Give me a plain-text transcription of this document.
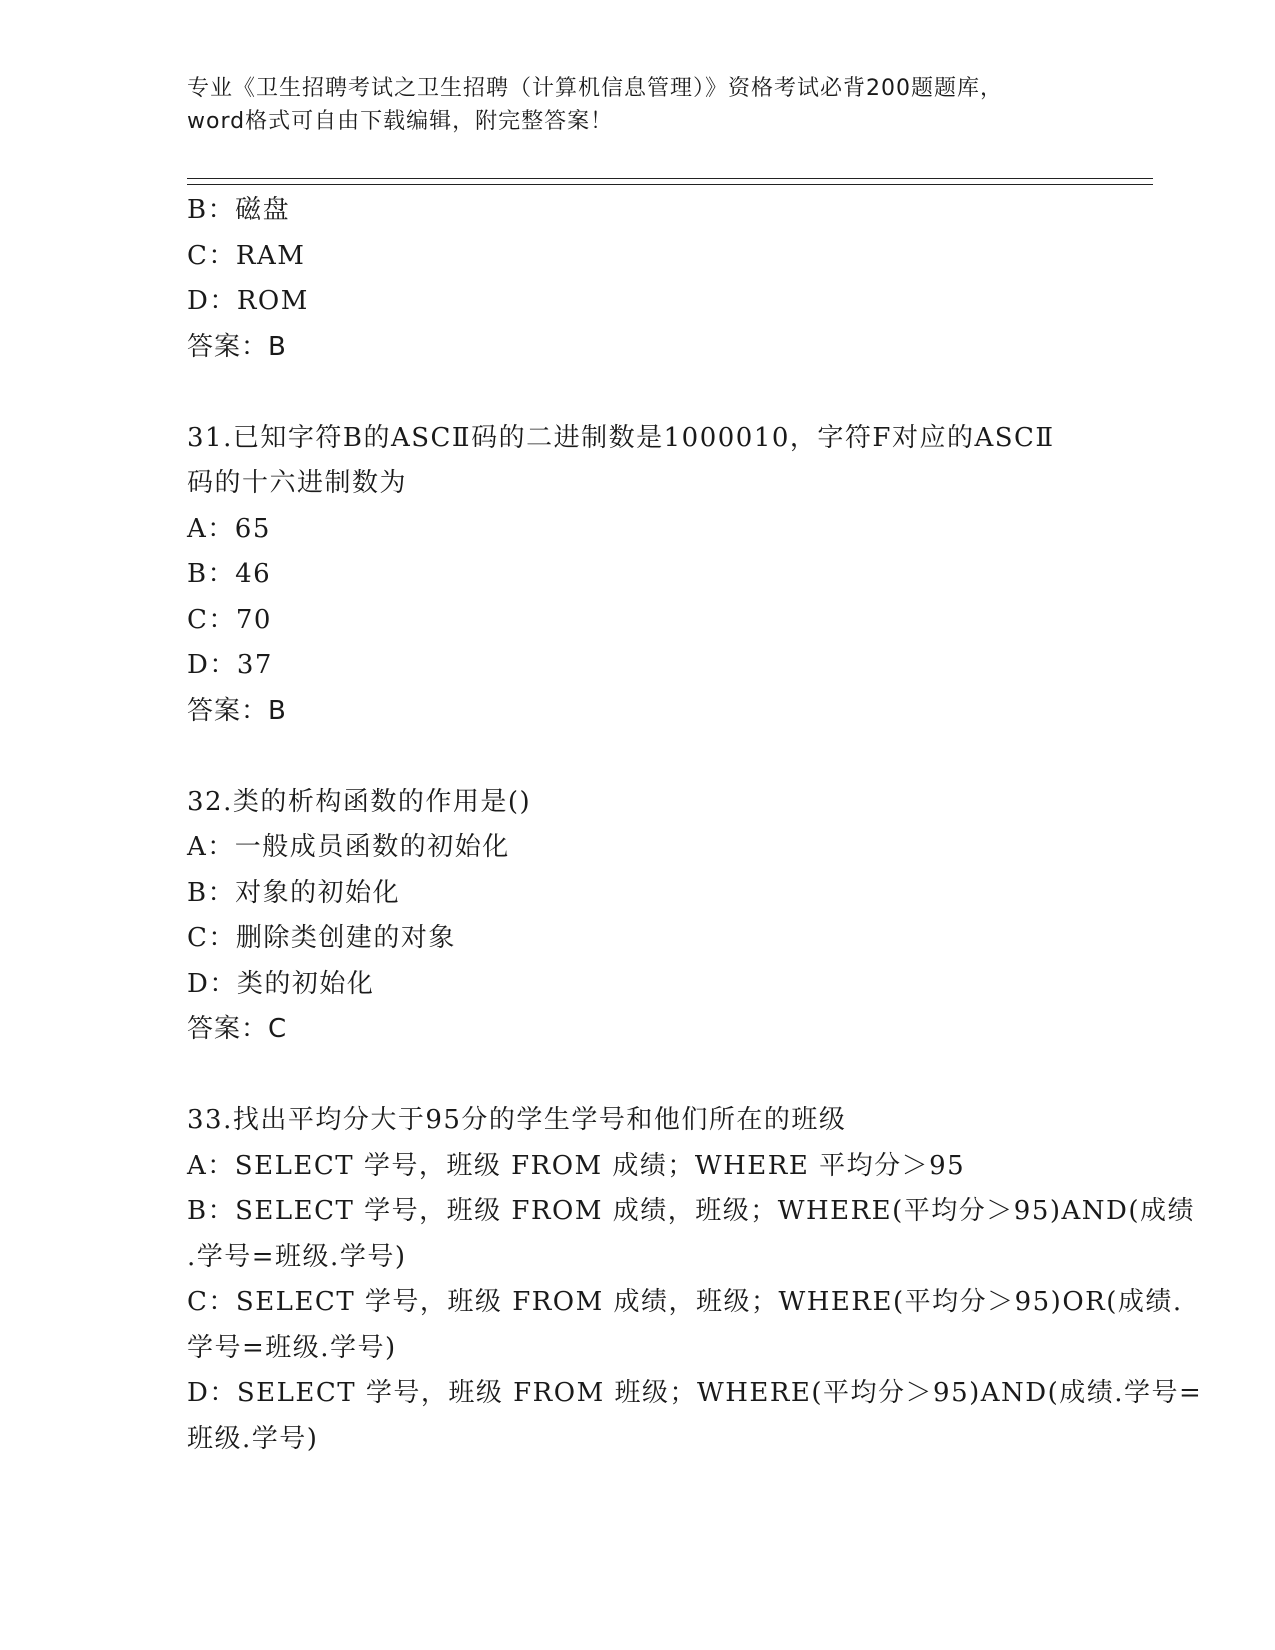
专业《卫生招聘考试之卫生招聘（计算机信息管理）》资格考试必背200题题库，
word格式可自由下载编辑，附完整答案！
B：磁盘
C：RAM
D：ROM
答案：B
31.已知字符B的ASCⅡ码的二进制数是1000010，字符F对应的ASCⅡ
码的十六进制数为
A：65
B：46
C：70
D：37
答案：B
32.类的析构函数的作用是()
A：一般成员函数的初始化
B：对象的初始化
C：删除类创建的对象
D：类的初始化
答案：C
33.找出平均分大于95分的学生学号和他们所在的班级
A：SELECT 学号，班级 FROM 成绩；WHERE 平均分＞95
B：SELECT 学号，班级 FROM 成绩，班级；WHERE(平均分＞95)AND(成绩
.学号=班级.学号)
C：SELECT 学号，班级 FROM 成绩，班级；WHERE(平均分＞95)OR(成绩.
学号=班级.学号)
D：SELECT 学号，班级 FROM 班级；WHERE(平均分＞95)AND(成绩.学号=
班级.学号)
